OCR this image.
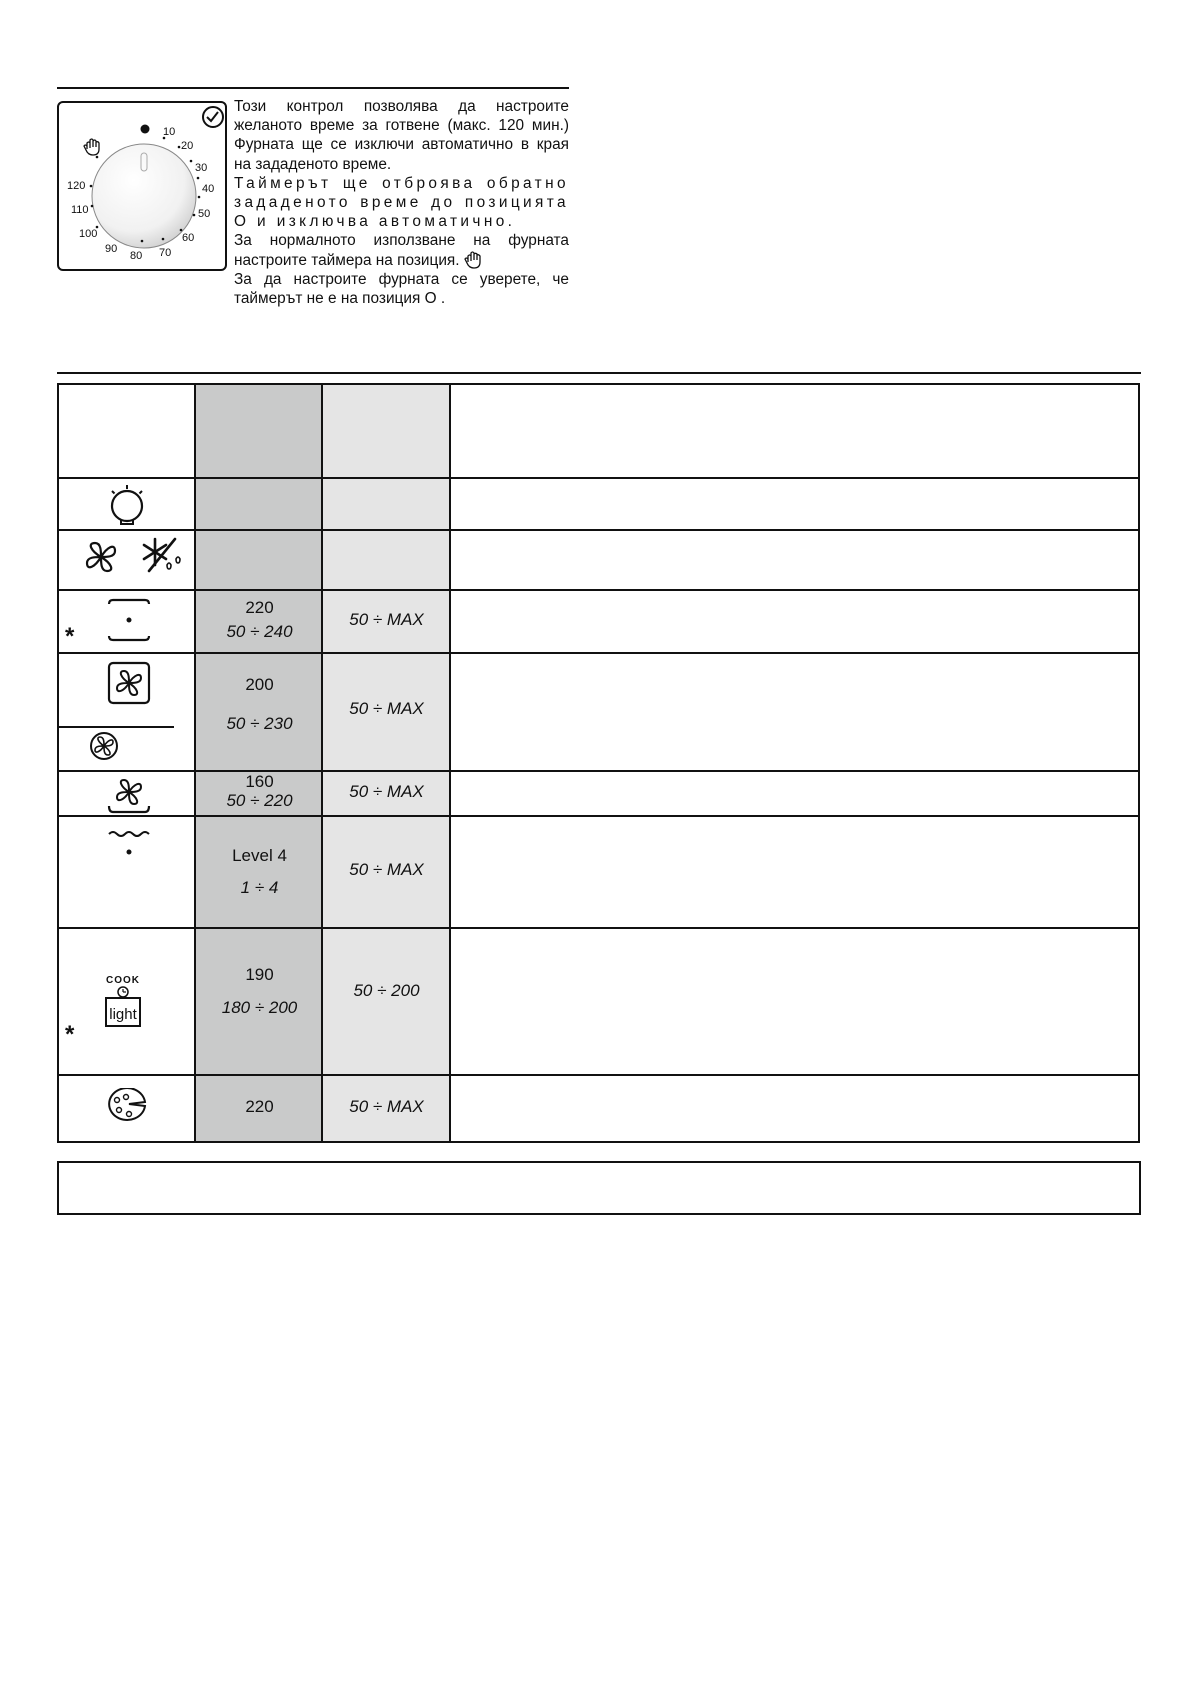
10
20
30
40
50
60
70
80
90
100
110
120

Този контрол позволява да настроите желаното време за готвене (макс. 120 мин.) Фурната ще се изключи автоматично в края на зададеното време.

Таймерът ще отброява обратно зададеното време до позицията О и изключва автоматично.

За нормалното използване на фурната настроите таймера на позиция.

За да настроите фурната се уверете, че таймерът не е на позиция О .

*
220
50 ÷ 240
50 ÷ MAX
200
50 ÷ 230
50 ÷ MAX
160
50 ÷ 220	50 ÷ MAX
Level 4
1 ÷ 4
50 ÷ MAX
*
COOK
light
190
180 ÷ 200
50 ÷ 200
220	50 ÷ MAX
